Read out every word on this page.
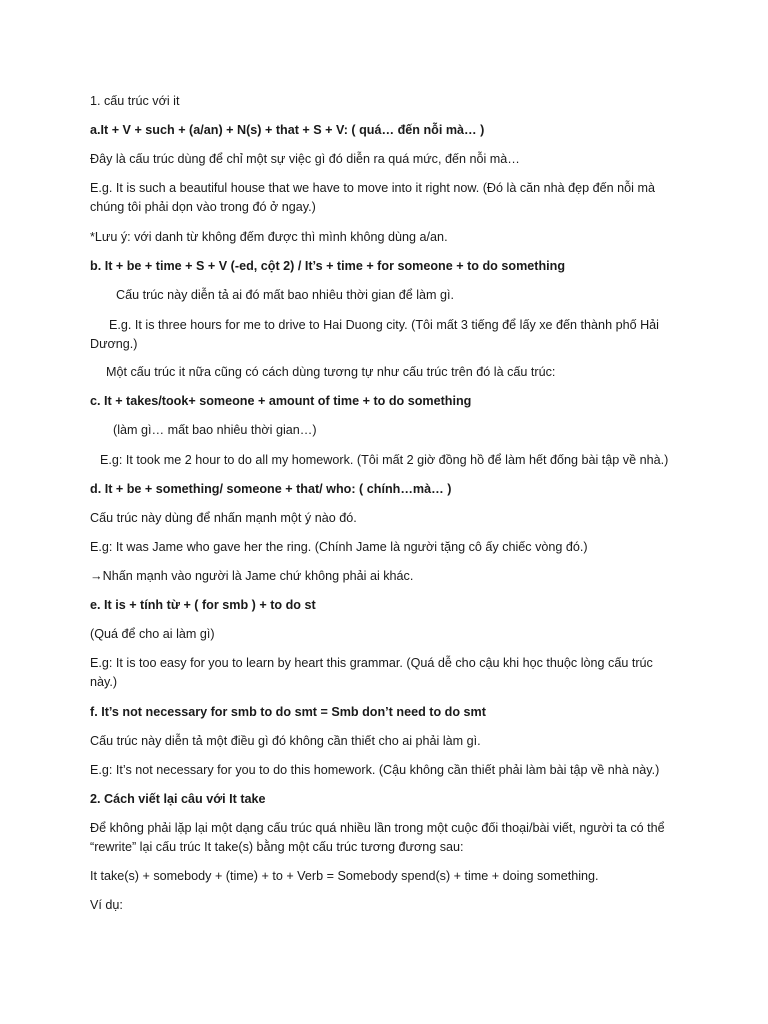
1. cấu trúc với it

a.It + V + such + (a/an) + N(s) + that + S + V: ( quá… đến nỗi mà… )

Đây là cấu trúc dùng để chỉ một sự việc gì đó diễn ra quá mức, đến nỗi mà…

E.g. It is such a beautiful house that we have to move into it right now. (Đó là căn nhà đẹp đến nỗi mà chúng tôi phải dọn vào trong đó ở ngay.)

*Lưu ý: với danh từ không đếm được thì mình không dùng a/an.

b. It + be + time + S + V (-ed, cột 2) / It’s + time + for someone + to do something

Cấu trúc này diễn tả ai đó mất bao nhiêu thời gian để làm gì.

E.g. It is three hours for me to drive to Hai Duong city. (Tôi mất 3 tiếng để lấy xe đến thành phố Hải Dương.)

Một cấu trúc it nữa cũng có cách dùng tương tự như cấu trúc trên đó là cấu trúc:

c. It + takes/took+ someone + amount of time + to do something

(làm gì… mất bao nhiêu thời gian…)

E.g: It took me 2 hour to do all my homework. (Tôi mất 2 giờ đồng hồ để làm hết đống bài tập về nhà.)

d. It + be + something/ someone + that/ who: ( chính…mà… )

Cấu trúc này dùng để nhấn mạnh một ý nào đó.

E.g: It was Jame who gave her the ring. (Chính Jame là người tặng cô ấy chiếc vòng đó.)

→Nhấn mạnh vào người là Jame chứ không phải ai khác.

e. It is + tính từ + ( for smb ) + to do st

(Quá để cho ai làm gì)

E.g: It is too easy for you to learn by heart this grammar. (Quá dễ cho cậu khi học thuộc lòng cấu trúc này.)

f. It’s not necessary for smb to do smt = Smb don’t need to do smt

Cấu trúc này diễn tả một điều gì đó không cần thiết cho ai phải làm gì.

E.g: It’s not necessary for you to do this homework. (Cậu không cần thiết phải làm bài tập về nhà này.)

2. Cách viết lại câu với It take

Để không phải lặp lại một dạng cấu trúc quá nhiều lần trong một cuộc đối thoại/bài viết, người ta có thể “rewrite” lại cấu trúc It take(s) bằng một cấu trúc tương đương sau:

It take(s) + somebody + (time) + to + Verb = Somebody spend(s) + time + doing something.

Ví dụ:
